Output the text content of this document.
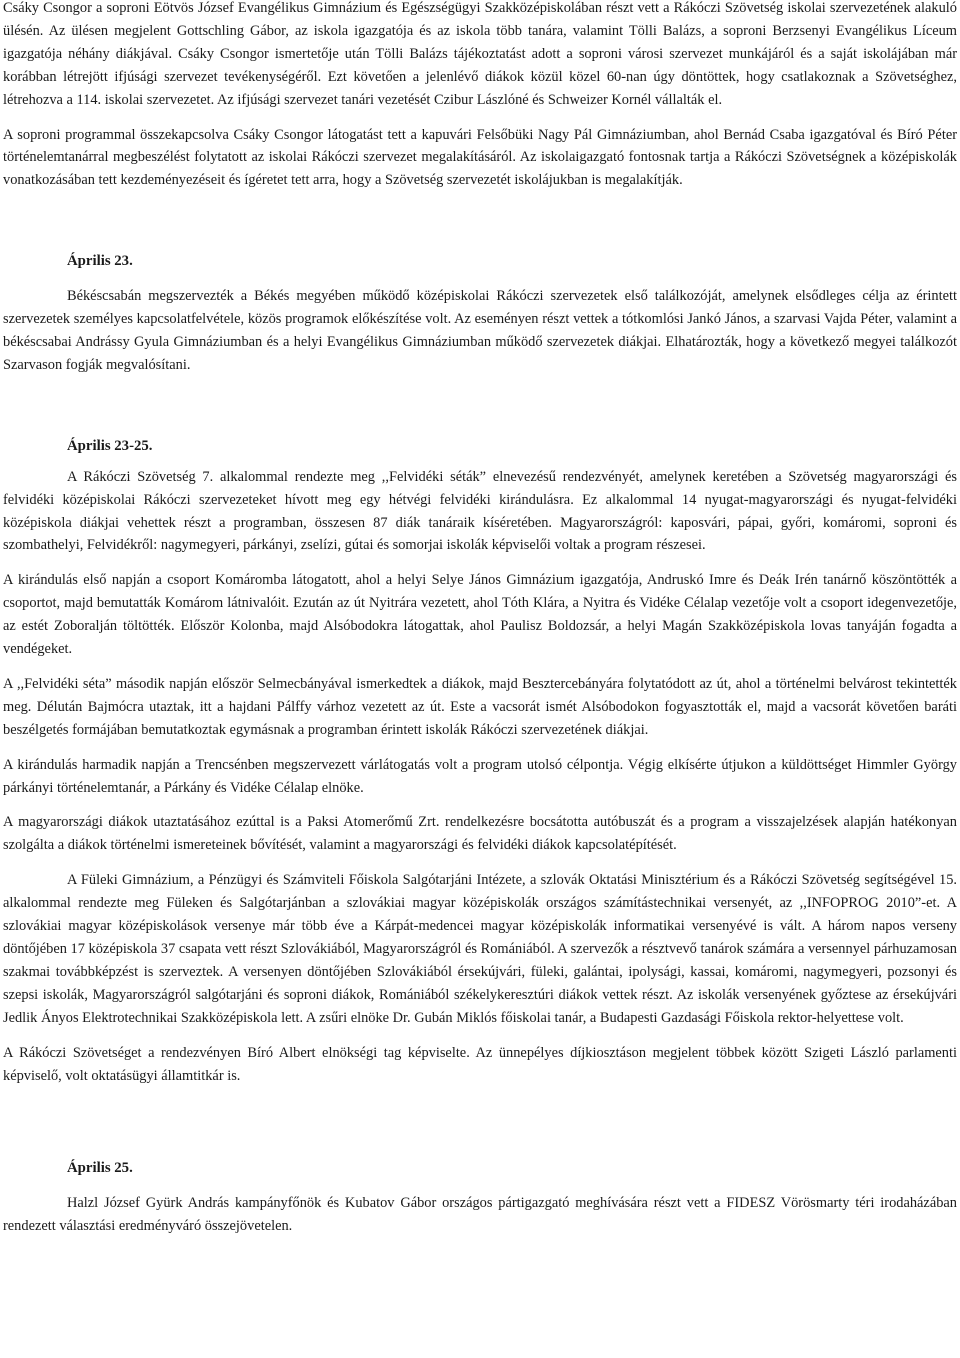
Csáky Csongor a soproni Eötvös József Evangélikus Gimnázium és Egészségügyi Szakközépiskolában részt vett a Rákóczi Szövetség iskolai szervezetének alakuló ülésén. Az ülésen megjelent Gottschling Gábor, az iskola igazgatója és az iskola több tanára, valamint Tölli Balázs, a soproni Berzsenyi Evangélikus Líceum igazgatója néhány diákjával. Csáky Csongor ismertetője után Tölli Balázs tájékoztatást adott a soproni városi szervezet munkájáról és a saját iskolájában már korábban létrejött ifjúsági szervezet tevékenységéről. Ezt követően a jelenlévő diákok közül közel 60-nan úgy döntöttek, hogy csatlakoznak a Szövetséghez, létrehozva a 114. iskolai szervezetet. Az ifjúsági szervezet tanári vezetését Czibur Lászlóné és Schweizer Kornél vállalták el.

A soproni programmal összekapcsolva Csáky Csongor látogatást tett a kapuvári Felsőbüki Nagy Pál Gimnáziumban, ahol Bernád Csaba igazgatóval és Bíró Péter történelemtanárral megbeszélést folytatott az iskolai Rákóczi szervezet megalakításáról. Az iskolaigazgató fontosnak tartja a Rákóczi Szövetségnek a középiskolák vonatkozásában tett kezdeményezéseit és ígéretet tett arra, hogy a Szövetség szervezetét iskolájukban is megalakítják.

Április 23.

Békéscsabán megszervezték a Békés megyében működő középiskolai Rákóczi szervezetek első találkozóját, amelynek elsődleges célja az érintett szervezetek személyes kapcsolatfelvétele, közös programok előkészítése volt. Az eseményen részt vettek a tótkomlósi Jankó János, a szarvasi Vajda Péter, valamint a békéscsabai Andrássy Gyula Gimnáziumban és a helyi Evangélikus Gimnáziumban működő szervezetek diákjai. Elhatározták, hogy a következő megyei találkozót Szarvason fogják megvalósítani.

Április 23-25.

A Rákóczi Szövetség 7. alkalommal rendezte meg ,,Felvidéki séták” elnevezésű rendezvényét, amelynek keretében a Szövetség magyarországi és felvidéki középiskolai Rákóczi szervezeteket hívott meg egy hétvégi felvidéki kirándulásra. Ez alkalommal 14 nyugat-magyarországi és nyugat-felvidéki középiskola diákjai vehettek részt a programban, összesen 87 diák tanáraik kíséretében. Magyarországról: kaposvári, pápai, győri, komáromi, soproni és szombathelyi, Felvidékről: nagymegyeri, párkányi, zselízi, gútai és somorjai iskolák képviselői voltak a program részesei.

A kirándulás első napján a csoport Komáromba látogatott, ahol a helyi Selye János Gimnázium igazgatója, Andruskó Imre és Deák Irén tanárnő köszöntötték a csoportot, majd bemutatták Komárom látnivalóit. Ezután az út Nyitrára vezetett, ahol Tóth Klára, a Nyitra és Vidéke Célalap vezetője volt a csoport idegenvezetője, az estét Zoboralján töltötték. Először Kolonba, majd Alsóbodokra látogattak, ahol Paulisz Boldozsár, a helyi Magán Szakközépiskola lovas tanyáján fogadta a vendégeket.

A ,,Felvidéki séta” második napján először Selmecbányával ismerkedtek a diákok, majd Besztercebányára folytatódott az út, ahol a történelmi belvárost tekintették meg. Délután Bajmócra utaztak, itt a hajdani Pálffy várhoz vezetett az út. Este a vacsorát ismét Alsóbodokon fogyasztották el, majd a vacsorát követően baráti beszélgetés formájában bemutatkoztak egymásnak a programban érintett iskolák Rákóczi szervezetének diákjai.

A kirándulás harmadik napján a Trencsénben megszervezett várlátogatás volt a program utolsó célpontja. Végig elkísérte útjukon a küldöttséget Himmler György párkányi történelemtanár, a Párkány és Vidéke Célalap elnöke.

A magyarországi diákok utaztatásához ezúttal is a Paksi Atomerőmű Zrt. rendelkezésre bocsátotta autóbuszát és a program a visszajelzések alapján hatékonyan szolgálta a diákok történelmi ismereteinek bővítését, valamint a magyarországi és felvidéki diákok kapcsolatépítését.

A Füleki Gimnázium, a Pénzügyi és Számviteli Főiskola Salgótarjáni Intézete, a szlovák Oktatási Minisztérium és a Rákóczi Szövetség segítségével 15. alkalommal rendezte meg Füleken és Salgótarjánban a szlovákiai magyar középiskolák országos számítástechnikai versenyét, az ,,INFOPROG 2010”-et. A szlovákiai magyar középiskolások versenye már több éve a Kárpát-medencei magyar középiskolák informatikai versenyévé is vált. A három napos verseny döntőjében 17 középiskola 37 csapata vett részt Szlovákiából, Magyarországról és Romániából. A szervezők a résztvevő tanárok számára a versennyel párhuzamosan szakmai továbbképzést is szerveztek. A versenyen döntőjében Szlovákiából érsekújvári, füleki, galántai, ipolysági, kassai, komáromi, nagymegyeri, pozsonyi és szepsi iskolák, Magyarországról salgótarjáni és soproni diákok, Romániából székelykeresztúri diákok vettek részt. Az iskolák versenyének győztese az érsekújvári Jedlik Ányos Elektrotechnikai Szakközépiskola lett. A zsűri elnöke Dr. Gubán Miklós főiskolai tanár, a Budapesti Gazdasági Főiskola rektor-helyettese volt.

A Rákóczi Szövetséget a rendezvényen Bíró Albert elnökségi tag képviselte. Az ünnepélyes díjkiosztáson megjelent többek között Szigeti László parlamenti képviselő, volt oktatásügyi államtitkár is.

Április 25.

Halzl József Gyürk András kampányfőnök és Kubatov Gábor országos pártigazgató meghívására részt vett a FIDESZ Vörösmarty téri irodaházában rendezett választási eredményváró összejövetelen.
